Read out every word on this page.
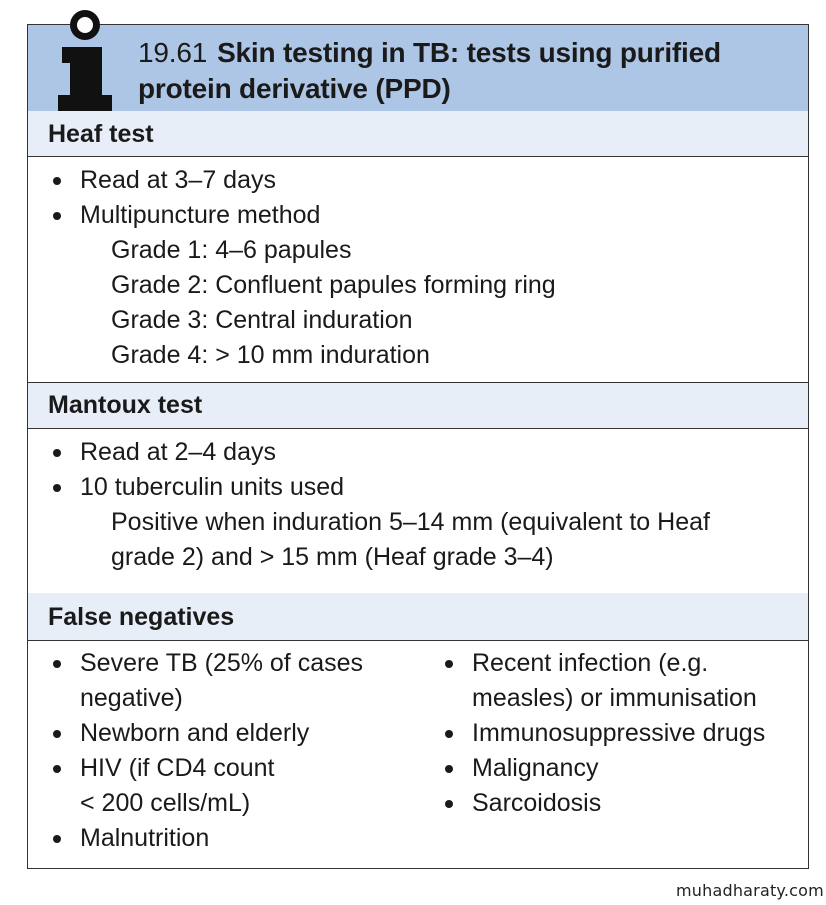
19.61 Skin testing in TB: tests using purified
protein derivative (PPD)
Heaf test
Read at 3–7 days
Multipuncture method
Grade 1: 4–6 papules
Grade 2: Confluent papules forming ring
Grade 3: Central induration
Grade 4: > 10 mm induration
Mantoux test
Read at 2–4 days
10 tuberculin units used
Positive when induration 5–14 mm (equivalent to Heaf
grade 2) and > 15 mm (Heaf grade 3–4)
False negatives
Severe TB (25% of cases
negative)
Newborn and elderly
HIV (if CD4 count
< 200 cells/mL)
Malnutrition
Recent infection (e.g.
measles) or immunisation
Immunosuppressive drugs
Malignancy
Sarcoidosis
muhadharaty.com
